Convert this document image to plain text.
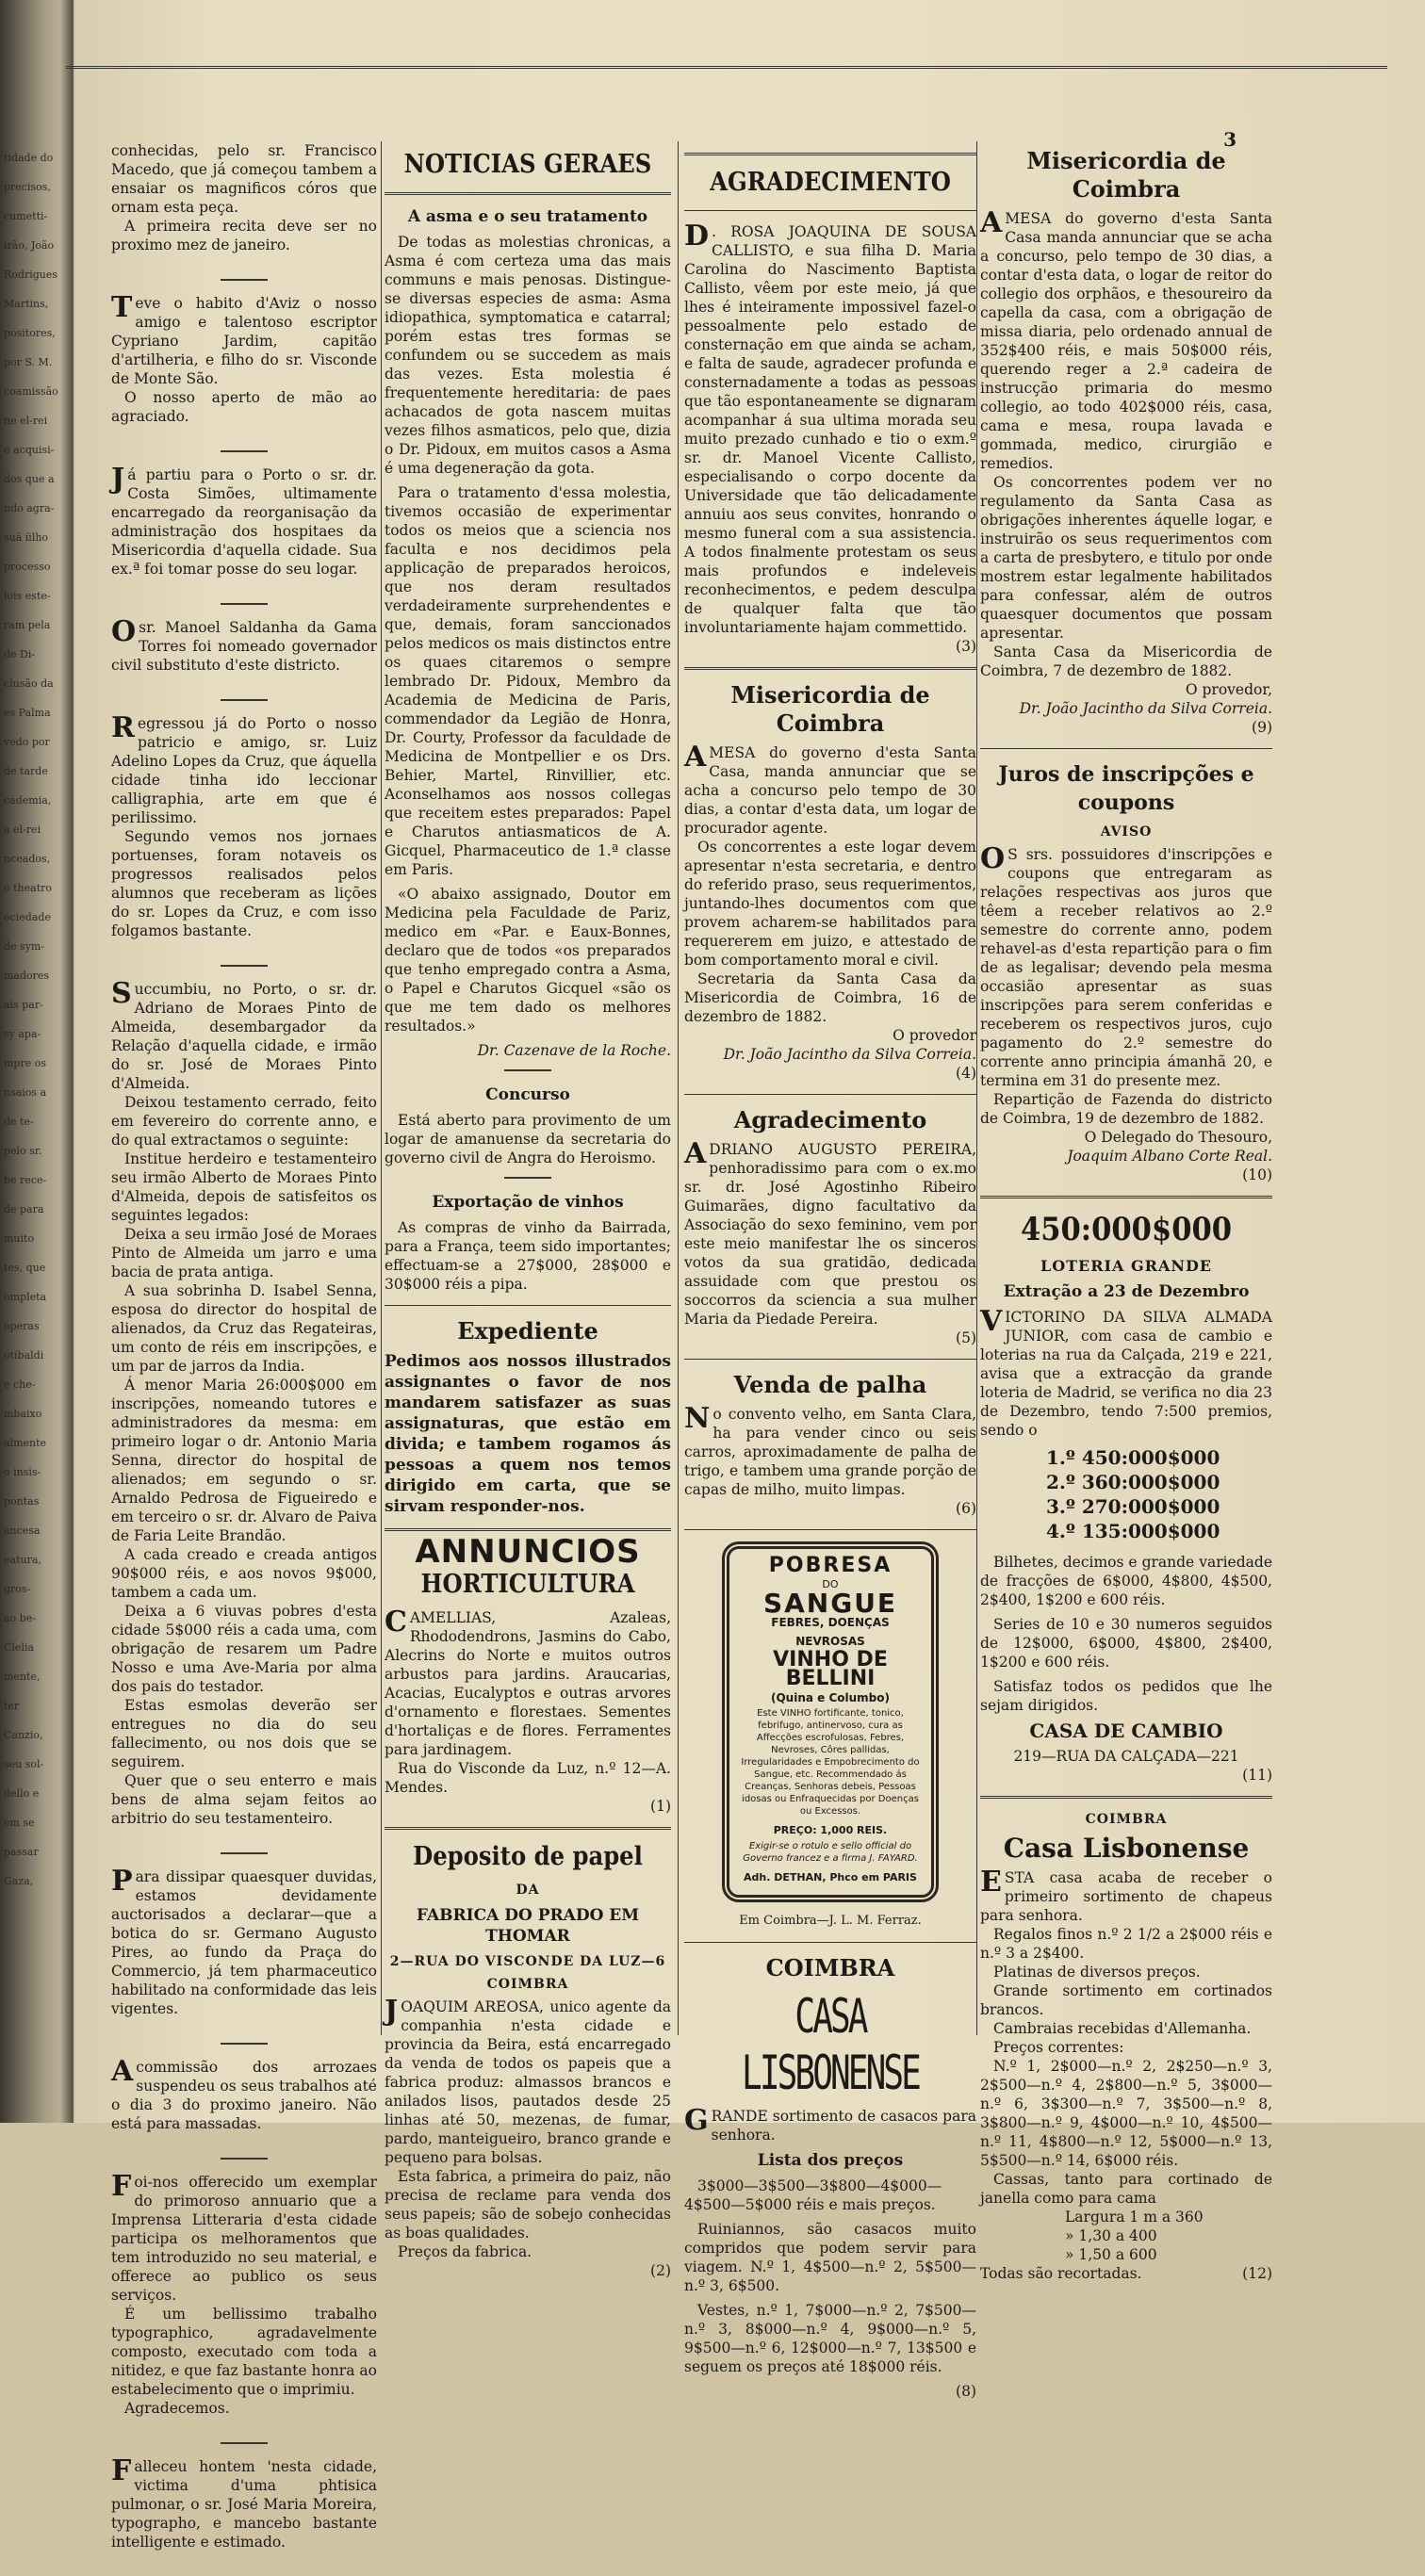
tidade do
precisos,
cumetti-
irão, João
Rodrigues
Martins,
positores,
por S. M.
coamissão
ne el-rei
o acquisi-
dos que a
ndo agra-
suá íilho
processo
lois este-
ram pela
de Di-
clusão da
es Palma
vedo por
de tarde
cademia,
a el-rei
nceados,
o theatro
ociedade
de sym-
madores
ais par-
sy apa-
mpre os
nsaios a
de te-
pelo sr.
be rece-
de para
muito
tes, que
ompleta
operas
otibaldi
e che-
mbaixo
almente
o insis-
pontas
ancesa
eatura,
gros-
ao be-
Clelia
mente,
ter
Canzio,
seu sol-
dello e
em se
passar
Gaza,
3
conhecidas, pelo sr. Francisco Macedo, que já começou tambem a ensaiar os magnificos córos que ornam esta peça.
A primeira recita deve ser no proximo mez de janeiro.
Teve o habito d'Aviz o nosso amigo e talentoso escriptor Cypriano Jardim, capitão d'artilheria, e filho do sr. Visconde de Monte São.
O nosso aperto de mão ao agraciado.
Já partiu para o Porto o sr. dr. Costa Simões, ultimamente encarregado da reorganisação da administração dos hospitaes da Misericordia d'aquella cidade. Sua ex.ª foi tomar posse do seu logar.
O sr. Manoel Saldanha da Gama Torres foi nomeado governador civil substituto d'este districto.
Regressou já do Porto o nosso patricio e amigo, sr. Luiz Adelino Lopes da Cruz, que áquella cidade tinha ido leccionar calligraphia, arte em que é perilissimo.
Segundo vemos nos jornaes portuenses, foram notaveis os progressos realisados pelos alumnos que receberam as lições do sr. Lopes da Cruz, e com isso folgamos bastante.
Succumbiu, no Porto, o sr. dr. Adriano de Moraes Pinto de Almeida, desembargador da Relação d'aquella cidade, e irmão do sr. José de Moraes Pinto d'Almeida.
Deixou testamento cerrado, feito em fevereiro do corrente anno, e do qual extractamos o seguinte:
Institue herdeiro e testamenteiro seu irmão Alberto de Moraes Pinto d'Almeida, depois de satisfeitos os seguintes legados:
Deixa a seu irmão José de Moraes Pinto de Almeida um jarro e uma bacia de prata antiga.
A sua sobrinha D. Isabel Senna, esposa do director do hospital de alienados, da Cruz das Regateiras, um conto de réis em inscripções, e um par de jarros da India.
Á menor Maria 26:000$000 em inscripções, nomeando tutores e administradores da mesma: em primeiro logar o dr. Antonio Maria Senna, director do hospital de alienados; em segundo o sr. Arnaldo Pedrosa de Figueiredo e em terceiro o sr. dr. Alvaro de Paiva de Faria Leite Brandão.
A cada creado e creada antigos 90$000 réis, e aos novos 9$000, tambem a cada um.
Deixa a 6 viuvas pobres d'esta cidade 5$000 réis a cada uma, com obrigação de resarem um Padre Nosso e uma Ave-Maria por alma dos pais do testador.
Estas esmolas deverão ser entregues no dia do seu fallecimento, ou nos dois que se seguirem.
Quer que o seu enterro e mais bens de alma sejam feitos ao arbitrio do seu testamenteiro.
Para dissipar quaesquer duvidas, estamos devidamente auctorisados a declarar—que a botica do sr. Germano Augusto Pires, ao fundo da Praça do Commercio, já tem pharmaceutico habilitado na conformidade das leis vigentes.
A commissão dos arrozaes suspendeu os seus trabalhos até o dia 3 do proximo janeiro. Não está para massadas.
Foi-nos offerecido um exemplar do primoroso annuario que a Imprensa Litteraria d'esta cidade participa os melhoramentos que tem introduzido no seu material, e offerece ao publico os seus serviços.
É um bellissimo trabalho typographico, agradavelmente composto, executado com toda a nitidez, e que faz bastante honra ao estabelecimento que o imprimiu.
Agradecemos.
Falleceu hontem 'nesta cidade, victima d'uma phtisica pulmonar, o sr. José Maria Moreira, typographo, e mancebo bastante intelligente e estimado.
NOTICIAS GERAES
A asma e o seu tratamento

De todas as molestias chronicas, a Asma é com certeza uma das mais communs e mais penosas. Distingue-se diversas especies de asma: Asma idiopathica, symptomatica e catarral; porém estas tres formas se confundem ou se succedem as mais das vezes. Esta molestia é frequentemente hereditaria: de paes achacados de gota nascem muitas vezes filhos asmaticos, pelo que, dizia o Dr. Pidoux, em muitos casos a Asma é uma degeneração da gota.

Para o tratamento d'essa molestia, tivemos occasião de experimentar todos os meios que a sciencia nos faculta e nos decidimos pela applicação de preparados heroicos, que nos deram resultados verdadeiramente surprehendentes e que, demais, foram sanccionados pelos medicos os mais distinctos entre os quaes citaremos o sempre lembrado Dr. Pidoux, Membro da Academia de Medicina de Paris, commendador da Legião de Honra, Dr. Courty, Professor da faculdade de Medicina de Montpellier e os Drs. Behier, Martel, Rinvillier, etc. Aconselhamos aos nossos collegas que receitem estes preparados: Papel e Charutos antiasmaticos de A. Gicquel, Pharmaceutico de 1.ª classe em Paris.

«O abaixo assignado, Doutor em Medicina pela Faculdade de Pariz, medico em «Par. e Eaux-Bonnes, declaro que de todos «os preparados que tenho empregado contra a Asma, o Papel e Charutos Gicquel «são os que me tem dado os melhores resultados.»

Dr. Cazenave de la Roche.
Concurso

Está aberto para provimento de um logar de amanuense da secretaria do governo civil de Angra do Heroismo.

Exportação de vinhos

As compras de vinho da Bairrada, para a França, teem sido importantes; effectuam-se a 27$000, 28$000 e 30$000 réis a pipa.

Expediente
Pedimos aos nossos illustrados assignantes o favor de nos mandarem satisfazer as suas assignaturas, que estão em divida; e tambem rogamos ás pessoas a quem nos temos dirigido em carta, que se sirvam responder-nos.
ANNUNCIOS
HORTICULTURA
CAMELLIAS, Azaleas, Rhododendrons, Jasmins do Cabo, Alecrins do Norte e muitos outros arbustos para jardins. Araucarias, Acacias, Eucalyptos e outras arvores d'ornamento e florestaes. Sementes d'hortaliças e de flores. Ferramentes para jardinagem.
Rua do Visconde da Luz, n.º 12—A. Mendes.
(1)
Deposito de papel
DA
FABRICA DO PRADO EM THOMAR
2—RUA DO VISCONDE DA LUZ—6
COIMBRA
JOAQUIM AREOSA, unico agente da companhia n'esta cidade e provincia da Beira, está encarregado da venda de todos os papeis que a fabrica produz: almassos brancos e anilados lisos, pautados desde 25 linhas até 50, mezenas, de fumar, pardo, manteigueiro, branco grande e pequeno para bolsas.
Esta fabrica, a primeira do paiz, não precisa de reclame para venda dos seus papeis; são de sobejo conhecidas as boas qualidades.
Preços da fabrica.
(2)
AGRADECIMENTO
D . ROSA JOAQUINA DE SOUSA CALLISTO, e sua filha D. Maria Carolina do Nascimento Baptista Callisto, vêem por este meio, já que lhes é inteiramente impossivel fazel-o pessoalmente pelo estado de consternação em que ainda se acham, e falta de saude, agradecer profunda e consternadamente a todas as pessoas que tão espontaneamente se dignaram acompanhar á sua ultima morada seu muito prezado cunhado e tio o exm.º sr. dr. Manoel Vicente Callisto, especialisando o corpo docente da Universidade que tão delicadamente annuiu aos seus convites, honrando o mesmo funeral com a sua assistencia. A todos finalmente protestam os seus mais profundos e indeleveis reconhecimentos, e pedem desculpa de qualquer falta que tão involuntariamente hajam commettido.
(3)
Misericordia de Coimbra
A MESA do governo d'esta Santa Casa, manda annunciar que se acha a concurso pelo tempo de 30 dias, a contar d'esta data, um logar de procurador agente.
Os concorrentes a este logar devem apresentar n'esta secretaria, e dentro do referido praso, seus requerimentos, juntando-lhes documentos com que provem acharem-se habilitados para requererem em juizo, e attestado de bom comportamento moral e civil.
Secretaria da Santa Casa da Misericordia de Coimbra, 16 de dezembro de 1882.
O provedor
Dr. João Jacintho da Silva Correia.
(4)
Agradecimento
ADRIANO AUGUSTO PEREIRA, penhoradissimo para com o ex.mo sr. dr. José Agostinho Ribeiro Guimarães, digno facultativo da Associação do sexo feminino, vem por este meio manifestar lhe os sinceros votos da sua gratidão, dedicada assuidade com que prestou os soccorros da sciencia a sua mulher Maria da Piedade Pereira.
(5)
Venda de palha
No convento velho, em Santa Clara, ha para vender cinco ou seis carros, aproximadamente de palha de trigo, e tambem uma grande porção de capas de milho, muito limpas.
(6)
POBRESA
DO
SANGUE
FEBRES, DOENÇAS NEVROSAS
VINHO DE BELLINI
(Quina e Columbo)
Este VINHO fortificante, tonico, febrifugo, antinervoso, cura as Affecções escrofulosas, Febres, Nevroses, Côres pallidas, Irregularidades e Empobrecimento do Sangue, etc. Recommendado ás Creanças, Senhoras debeis, Pessoas idosas ou Enfraquecidas por Doenças ou Excessos.
PREÇO: 1,000 REIS.
Exigir-se o rotulo e sello official do Governo francez e a firma J. FAYARD.
Adh. DETHAN, Phco em PARIS
Em Coimbra—J. L. M. Ferraz.
COIMBRA
CASA LISBONENSE
GRANDE sortimento de casacos para senhora.
Lista dos preços

3$000—3$500—3$800—4$000—4$500—5$000 réis e mais preços.

Ruiniannos, são casacos muito compridos que podem servir para viagem. N.º 1, 4$500—n.º 2, 5$500—n.º 3, 6$500.

Vestes, n.º 1, 7$000—n.º 2, 7$500—n.º 3, 8$000—n.º 4, 9$000—n.º 5, 9$500—n.º 6, 12$000—n.º 7, 13$500 e seguem os preços até 18$000 réis.

(8)
Misericordia de Coimbra
A MESA do governo d'esta Santa Casa manda annunciar que se acha a concurso, pelo tempo de 30 dias, a contar d'esta data, o logar de reitor do collegio dos orphãos, e thesoureiro da capella da casa, com a obrigação de missa diaria, pelo ordenado annual de 352$400 réis, e mais 50$000 réis, querendo reger a 2.ª cadeira de instrucção primaria do mesmo collegio, ao todo 402$000 réis, casa, cama e mesa, roupa lavada e gommada, medico, cirurgião e remedios.
Os concorrentes podem ver no regulamento da Santa Casa as obrigações inherentes áquelle logar, e instruirão os seus requerimentos com a carta de presbytero, e titulo por onde mostrem estar legalmente habilitados para confessar, além de outros quaesquer documentos que possam apresentar.
Santa Casa da Misericordia de Coimbra, 7 de dezembro de 1882.
O provedor,
Dr. João Jacintho da Silva Correia.
(9)
Juros de inscripções e coupons
AVISO
O S srs. possuidores d'inscripções e coupons que entregaram as relações respectivas aos juros que têem a receber relativos ao 2.º semestre do corrente anno, podem rehavel-as d'esta repartição para o fim de as legalisar; devendo pela mesma occasião apresentar as suas inscripções para serem conferidas e receberem os respectivos juros, cujo pagamento do 2.º semestre do corrente anno principia ámanhã 20, e termina em 31 do presente mez.
Repartição de Fazenda do districto de Coimbra, 19 de dezembro de 1882.
O Delegado do Thesouro,
Joaquim Albano Corte Real.
(10)
450:000$000
LOTERIA GRANDE
Extração a 23 de Dezembro
VICTORINO DA SILVA ALMADA JUNIOR, com casa de cambio e loterias na rua da Calçada, 219 e 221, avisa que a extracção da grande loteria de Madrid, se verifica no dia 23 de Dezembro, tendo 7:500 premios, sendo o
1.º 450:000$000
2.º 360:000$000
3.º 270:000$000
4.º 135:000$000

Bilhetes, decimos e grande variedade de fracções de 6$000, 4$800, 4$500, 2$400, 1$200 e 600 réis.

Series de 10 e 30 numeros seguidos de 12$000, 6$000, 4$800, 2$400, 1$200 e 600 réis.

Satisfaz todos os pedidos que lhe sejam dirigidos.

CASA DE CAMBIO
219—RUA DA CALÇADA—221
(11)
COIMBRA
Casa Lisbonense
ESTA casa acaba de receber o primeiro sortimento de chapeus para senhora.
Regalos finos n.º 2 1/2 a 2$000 réis e n.º 3 a 2$400.
Platinas de diversos preços.
Grande sortimento em cortinados brancos.
Cambraias recebidas d'Allemanha.
Preços correntes:
N.º 1, 2$000—n.º 2, 2$250—n.º 3, 2$500—n.º 4, 2$800—n.º 5, 3$000—n.º 6, 3$300—n.º 7, 3$500—n.º 8, 3$800—n.º 9, 4$000—n.º 10, 4$500—n.º 11, 4$800—n.º 12, 5$000—n.º 13, 5$500—n.º 14, 6$000 réis.
Cassas, tanto para cortinado de janella como para cama
Largura 1 m a 360
» 1,30 a 400
» 1,50 a 600
Todas são recortadas.	(12)
